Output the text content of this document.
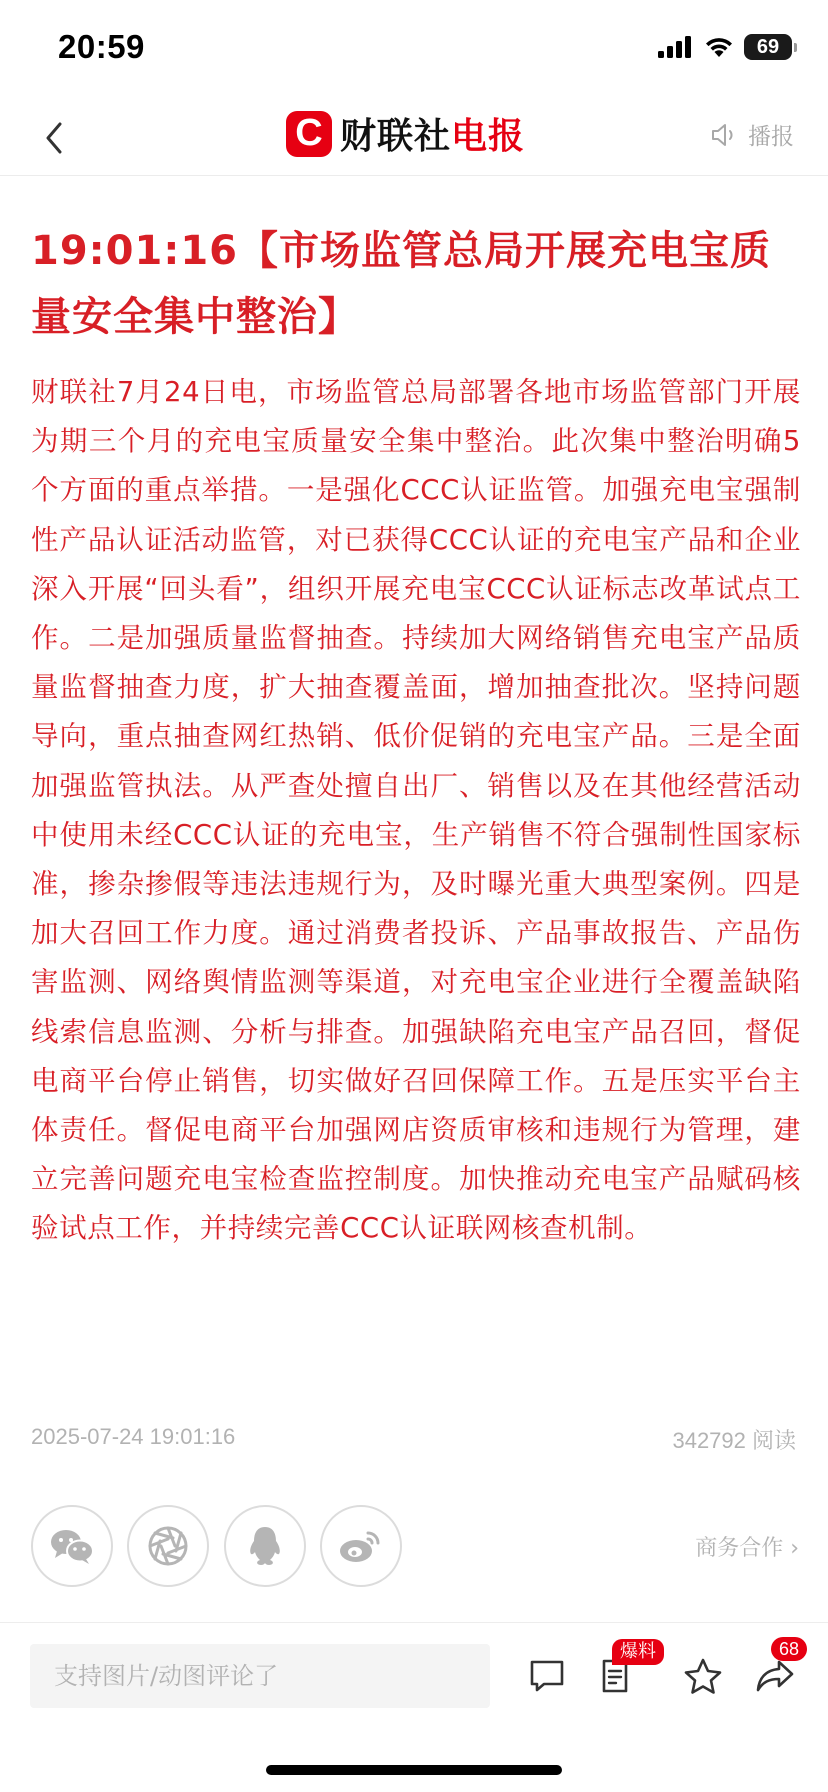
20:59	69
C 财联社电报	播报
19:01:16【市场监管总局开展充电宝质量安全集中整治】

财联社7月24日电，市场监管总局部署各地市场监管部门开展为期三个月的充电宝质量安全集中整治。此次集中整治明确5个方面的重点举措。一是强化CCC认证监管。加强充电宝强制性产品认证活动监管，对已获得CCC认证的充电宝产品和企业深入开展“回头看”，组织开展充电宝CCC认证标志改革试点工作。二是加强质量监督抽查。持续加大网络销售充电宝产品质量监督抽查力度，扩大抽查覆盖面，增加抽查批次。坚持问题导向，重点抽查网红热销、低价促销的充电宝产品。三是全面加强监管执法。从严查处擅自出厂、销售以及在其他经营活动中使用未经CCC认证的充电宝，生产销售不符合强制性国家标准，掺杂掺假等违法违规行为，及时曝光重大典型案例。四是加大召回工作力度。通过消费者投诉、产品事故报告、产品伤害监测、网络舆情监测等渠道，对充电宝企业进行全覆盖缺陷线索信息监测、分析与排查。加强缺陷充电宝产品召回，督促电商平台停止销售，切实做好召回保障工作。五是压实平台主体责任。督促电商平台加强网店资质审核和违规行为管理，建立完善问题充电宝检查监控制度。加快推动充电宝产品赋码核验试点工作，并持续完善CCC认证联网核查机制。

2025-07-24 19:01:16	342792 阅读
商务合作 ›
支持图片/动图评论了
爆料	68
